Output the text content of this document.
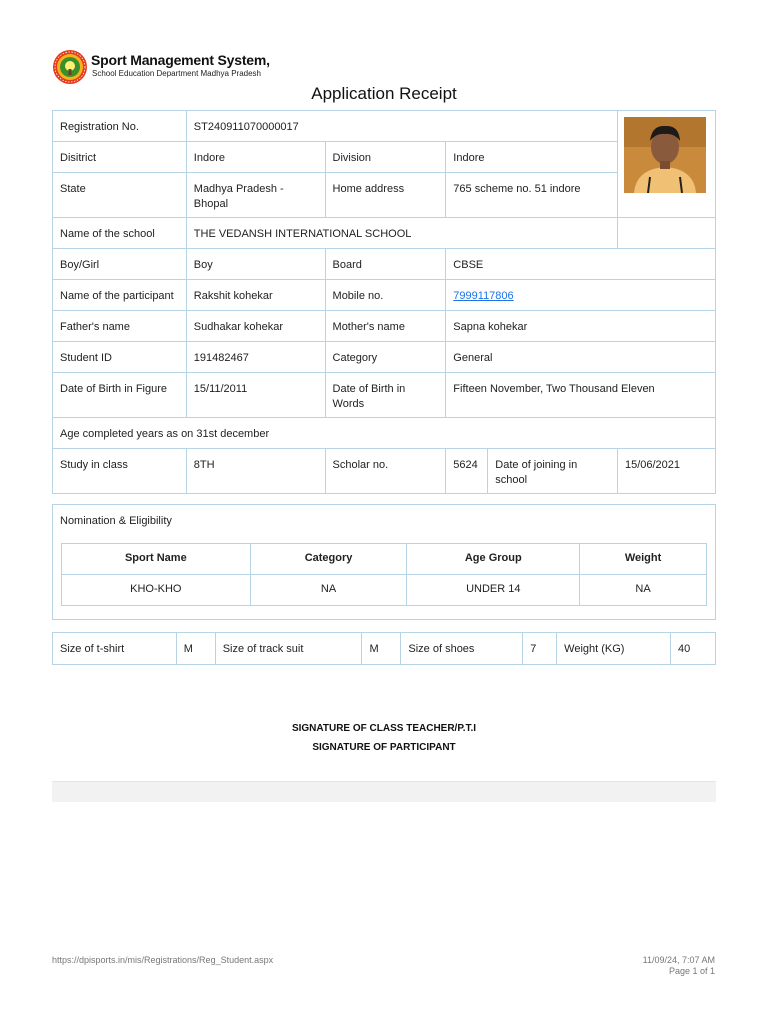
Sport Management System,
School Education Department Madhya Pradesh
Application Receipt
Registration No.	ST240911070000017	

Disitrict	Indore	Division	Indore		
State	Madhya Pradesh - Bhopal	Home address	765 scheme no. 51 indore		
Name of the school	THE VEDANSH INTERNATIONAL SCHOOL				
Boy/Girl	Boy	Board	CBSE		
Name of the participant	Rakshit kohekar	Mobile no.	7999117806		
Father's name	Sudhakar kohekar	Mother's name	Sapna kohekar		
Student ID	191482467	Category	General		
Date of Birth in Figure	15/11/2011	Date of Birth in Words	Fifteen November, Two Thousand Eleven		
Age completed years as on 31st december					
Study in class	8TH	Scholar no.	5624	Date of joining in school	15/06/2021
Nomination & Eligibility
Sport Name	Category	Age Group	Weight
KHO-KHO	NA	UNDER 14	NA
Size of t-shirt	M	Size of track suit	M	Size of shoes	7	Weight (KG)	40
SIGNATURE OF CLASS TEACHER/P.T.I
SIGNATURE OF PARTICIPANT
https://dpisports.in/mis/Registrations/Reg_Student.aspx	11/09/24, 7:07 AM
Page 1 of 1
